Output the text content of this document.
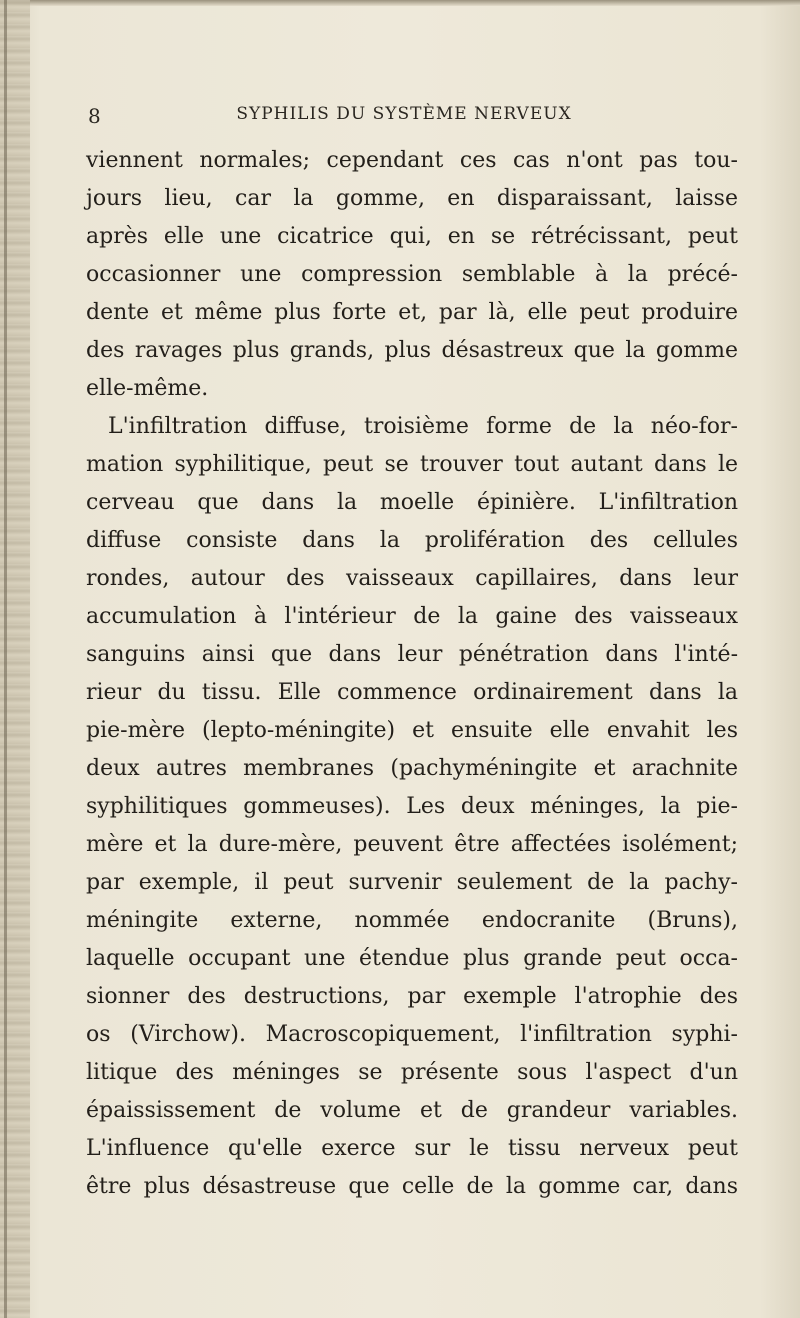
8	SYPHILIS DU SYSTÈME NERVEUX
viennent normales; cependant ces cas n'ont pas tou-
jours lieu, car la gomme, en disparaissant, laisse
après elle une cicatrice qui, en se rétrécissant, peut
occasionner une compression semblable à la précé-
dente et même plus forte et, par là, elle peut produire
des ravages plus grands, plus désastreux que la gomme
elle-même.
L'infiltration diffuse, troisième forme de la néo-for-
mation syphilitique, peut se trouver tout autant dans le
cerveau que dans la moelle épinière. L'infiltration
diffuse consiste dans la prolifération des cellules
rondes, autour des vaisseaux capillaires, dans leur
accumulation à l'intérieur de la gaine des vaisseaux
sanguins ainsi que dans leur pénétration dans l'inté-
rieur du tissu. Elle commence ordinairement dans la
pie-mère (lepto-méningite) et ensuite elle envahit les
deux autres membranes (pachyméningite et arachnite
syphilitiques gommeuses). Les deux méninges, la pie-
mère et la dure-mère, peuvent être affectées isolément;
par exemple, il peut survenir seulement de la pachy-
méningite externe, nommée endocranite (Bruns),
laquelle occupant une étendue plus grande peut occa-
sionner des destructions, par exemple l'atrophie des
os (Virchow). Macroscopiquement, l'infiltration syphi-
litique des méninges se présente sous l'aspect d'un
épaississement de volume et de grandeur variables.
L'influence qu'elle exerce sur le tissu nerveux peut
être plus désastreuse que celle de la gomme car, dans
